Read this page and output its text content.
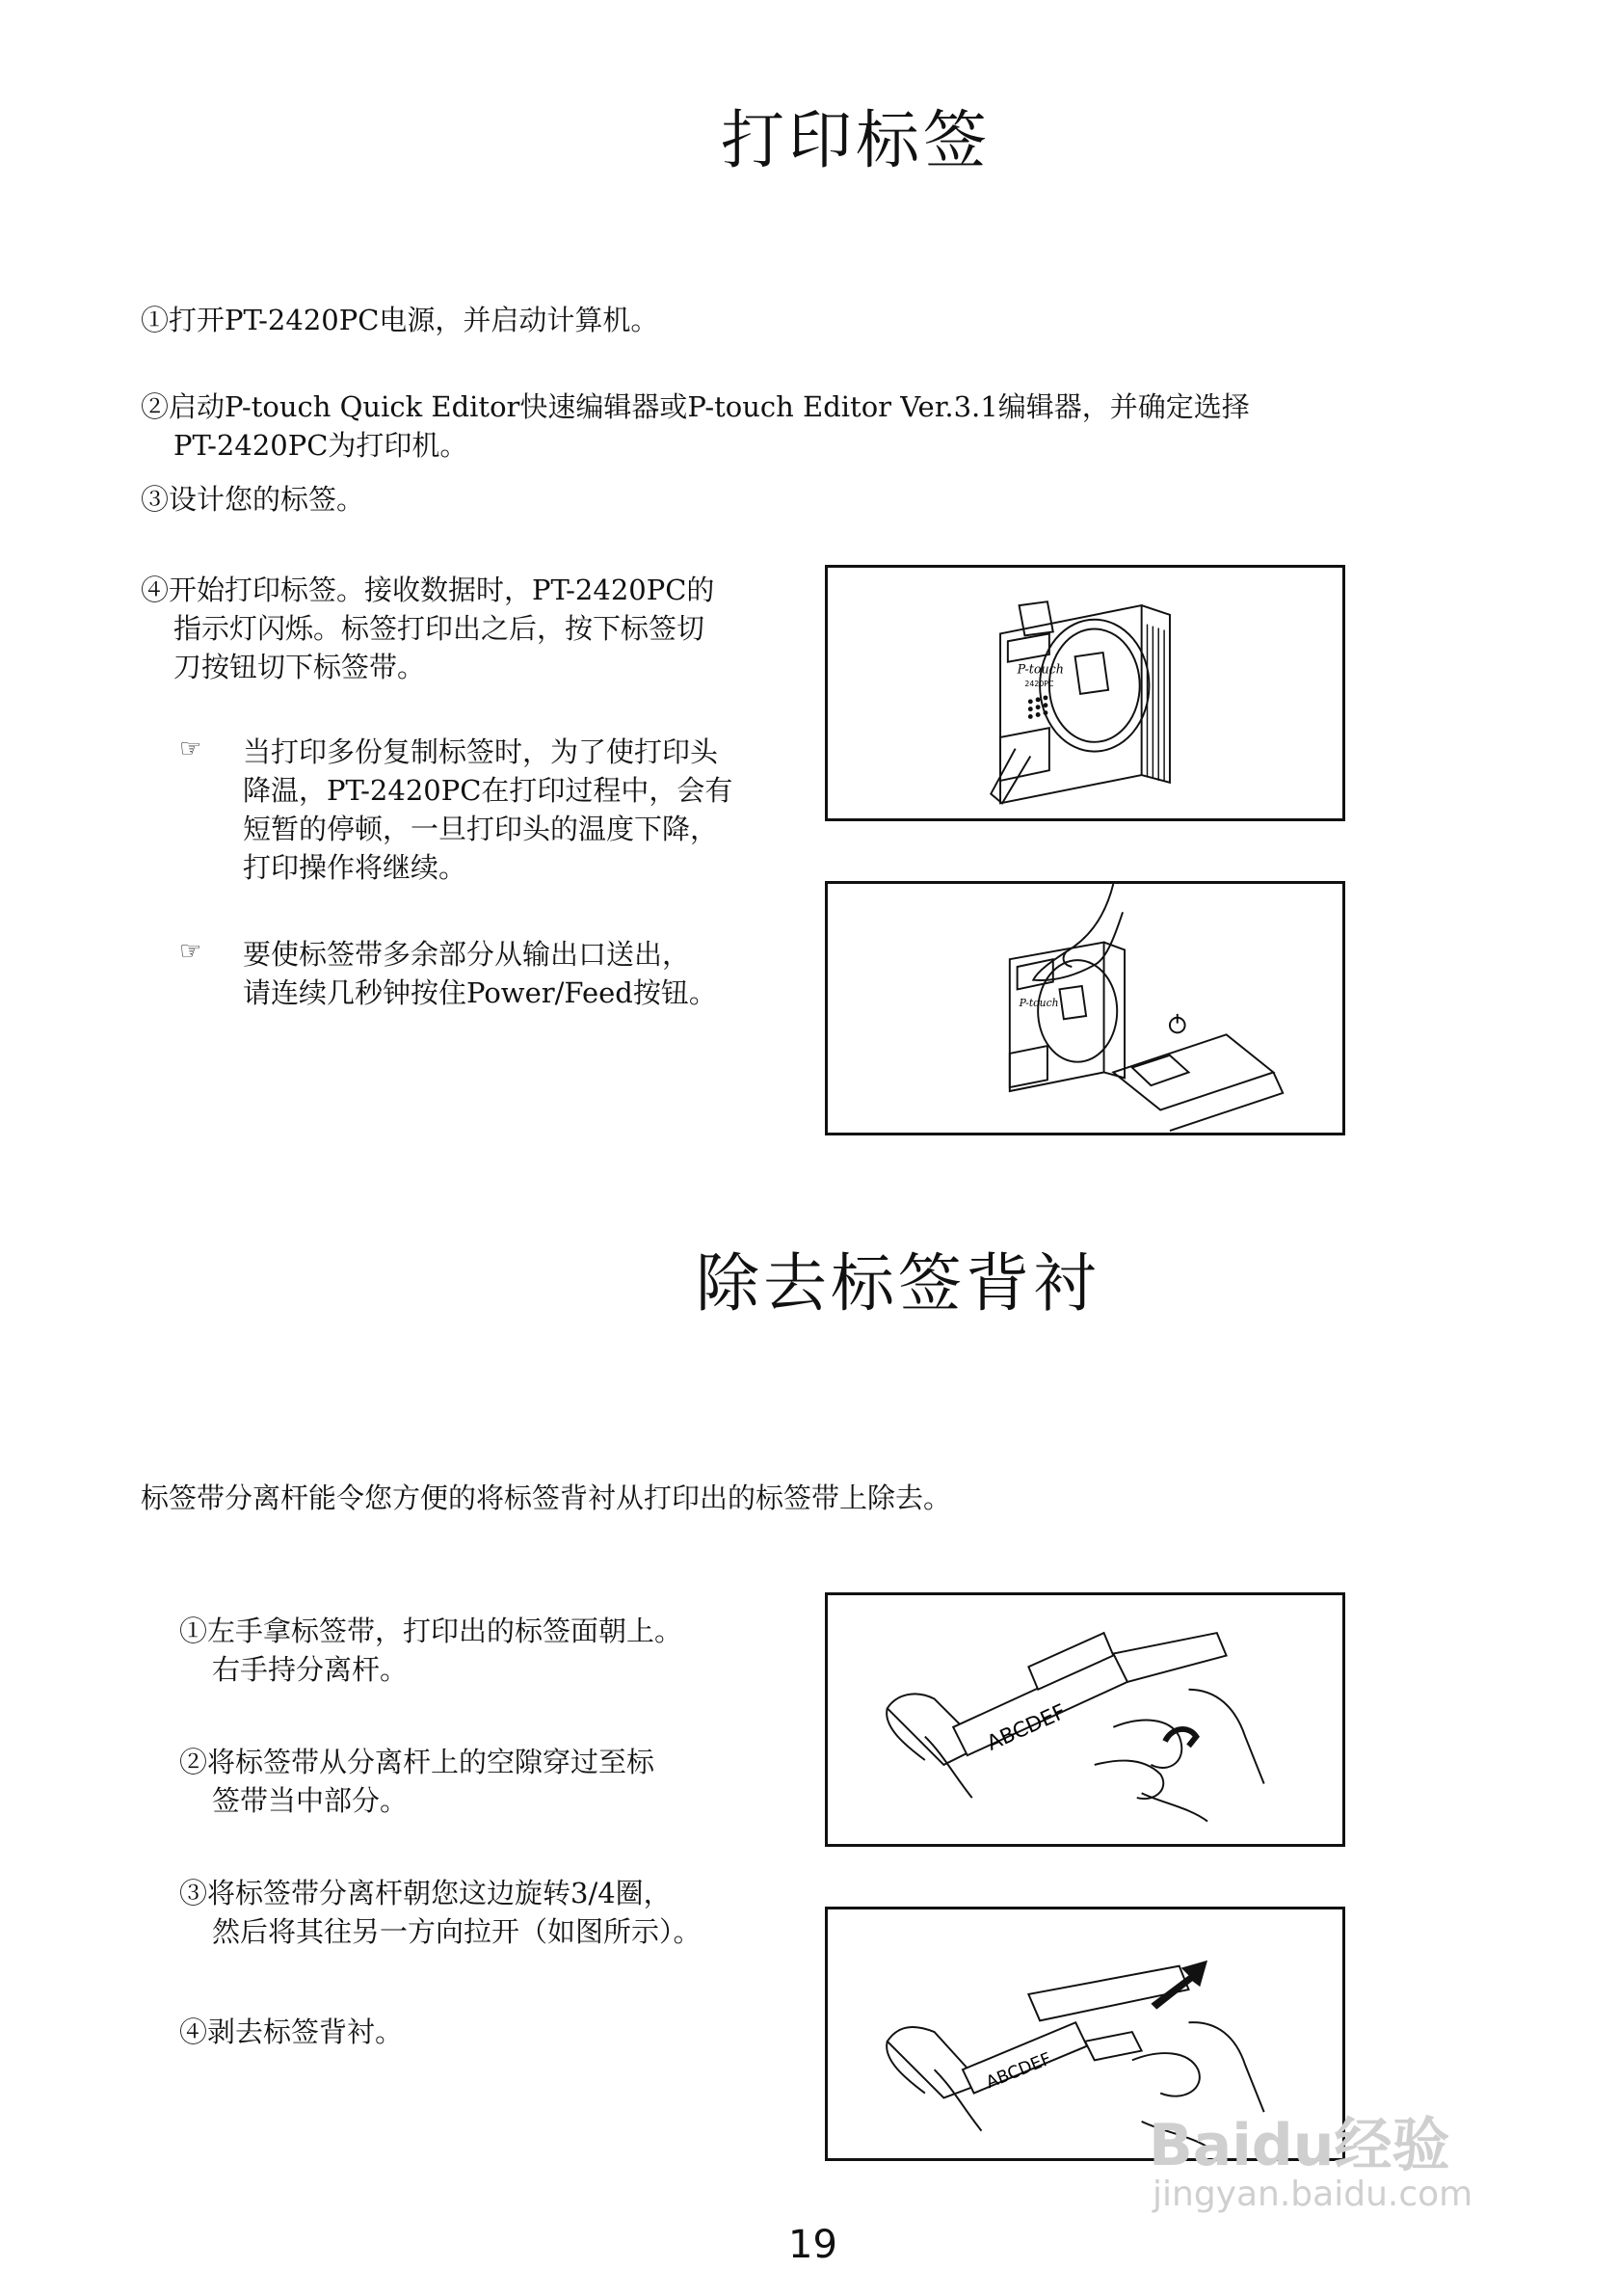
打印标签
①打开PT-2420PC电源，并启动计算机。
②启动P-touch Quick Editor快速编辑器或P-touch Editor Ver.3.1编辑器，并确定选择
PT-2420PC为打印机。
③设计您的标签。
④开始打印标签。接收数据时，PT-2420PC的
指示灯闪烁。标签打印出之后，按下标签切
刀按钮切下标签带。
☞ 当打印多份复制标签时，为了使打印头
降温，PT-2420PC在打印过程中，会有
短暂的停顿，一旦打印头的温度下降，
打印操作将继续。
☞ 要使标签带多余部分从输出口送出，
请连续几秒钟按住Power/Feed按钮。
P-touch
2420PC
P-touch
除去标签背衬
标签带分离杆能令您方便的将标签背衬从打印出的标签带上除去。
①左手拿标签带，打印出的标签面朝上。
右手持分离杆。
②将标签带从分离杆上的空隙穿过至标
签带当中部分。
③将标签带分离杆朝您这边旋转3/4圈，
然后将其往另一方向拉开（如图所示）。
④剥去标签背衬。
ABCDEF
ABCDEF
Baidu经验
jingyan.baidu.com
19
